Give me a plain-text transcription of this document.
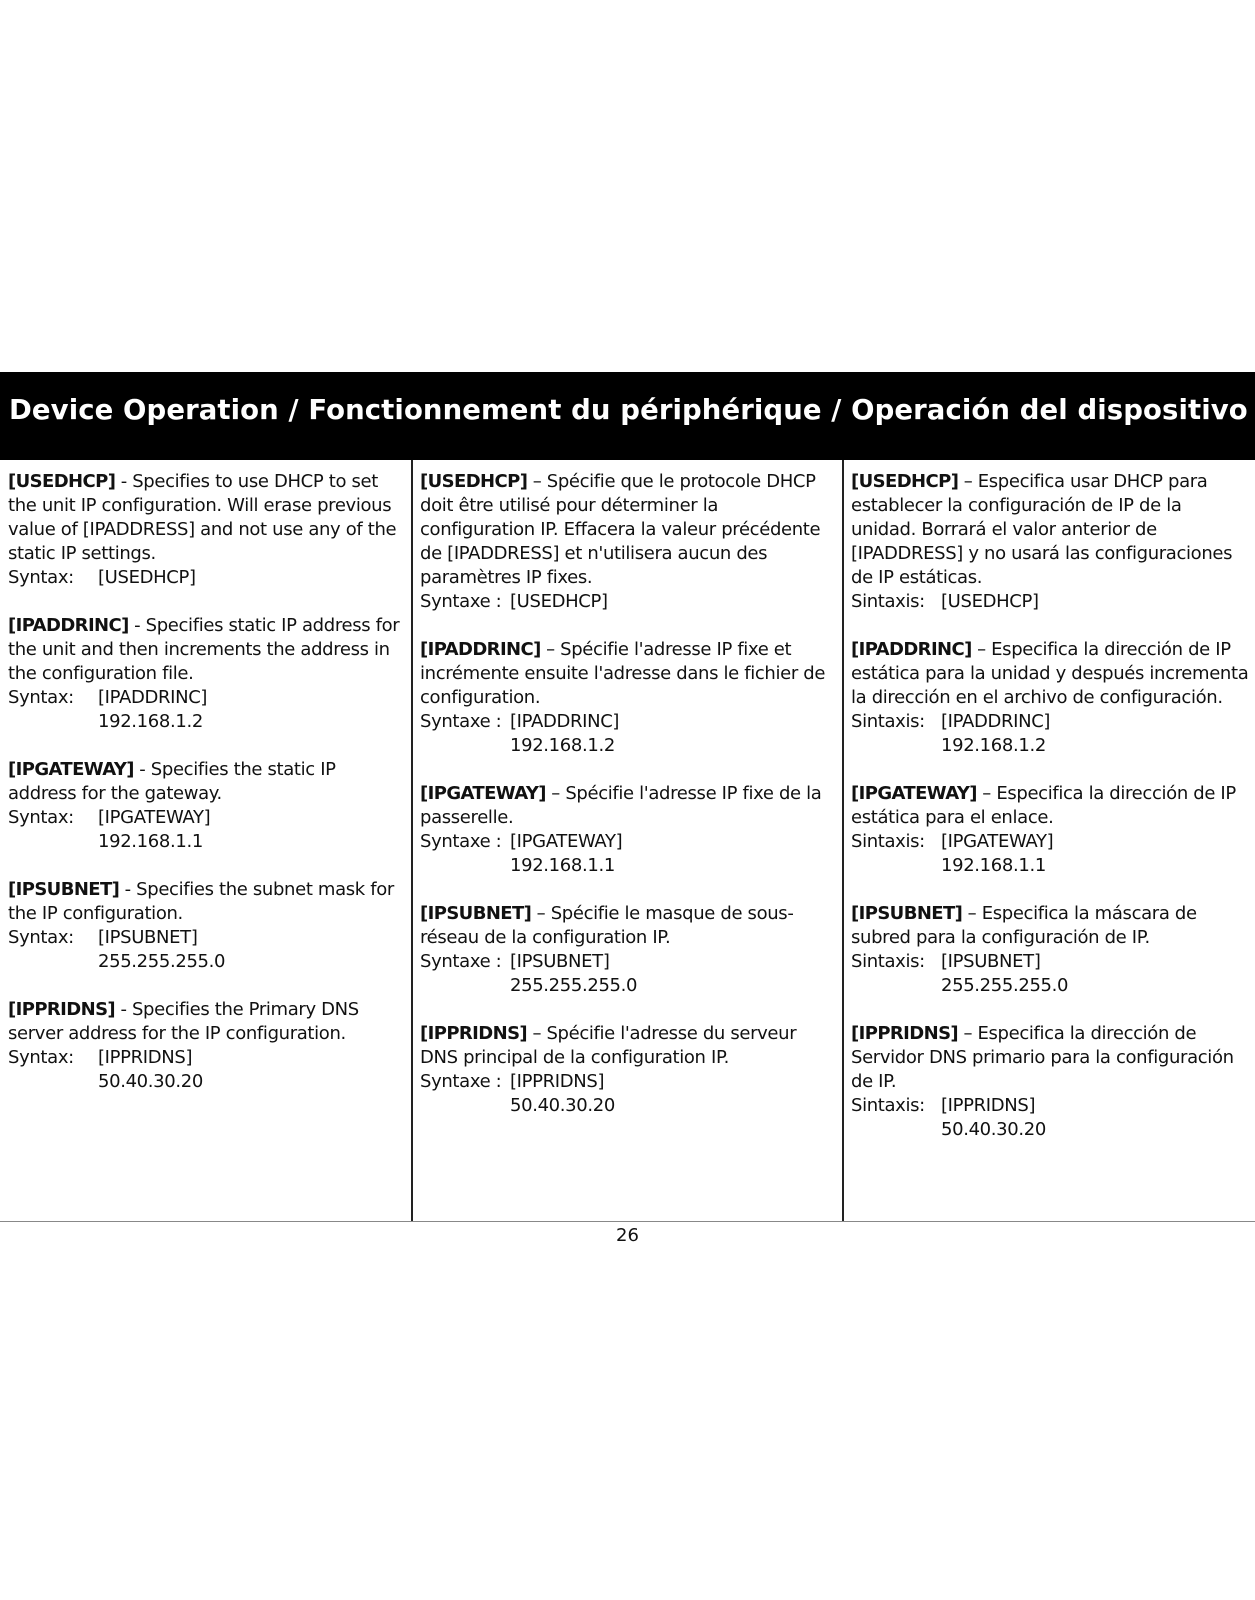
Device Operation / Fonctionnement du périphérique / Operación del dispositivo

[USEDHCP] - Specifies to use DHCP to set the unit IP configuration. Will erase previous value of [IPADDRESS] and not use any of the static IP settings.

Syntax:	[USEDHCP]

[IPADDRINC] - Specifies static IP address for the unit and then increments the address in the configuration file.

Syntax:	[IPADDRINC]
192.168.1.2

[IPGATEWAY] - Specifies the static IP address for the gateway.

Syntax:	[IPGATEWAY]
192.168.1.1

[IPSUBNET] - Specifies the subnet mask for the IP configuration.

Syntax:	[IPSUBNET]
255.255.255.0

[IPPRIDNS] - Specifies the Primary DNS server address for the IP configuration.

Syntax:	[IPPRIDNS]
50.40.30.20

[USEDHCP] – Spécifie que le protocole DHCP doit être utilisé pour déterminer la configuration IP. Effacera la valeur précédente de [IPADDRESS] et n'utilisera aucun des paramètres IP fixes.

Syntaxe : [USEDHCP]

[IPADDRINC] – Spécifie l'adresse IP fixe et incrémente ensuite l'adresse dans le fichier de configuration.

Syntaxe : [IPADDRINC]
192.168.1.2

[IPGATEWAY] – Spécifie l'adresse IP fixe de la passerelle.

Syntaxe : [IPGATEWAY]
192.168.1.1

[IPSUBNET] – Spécifie le masque de sous-réseau de la configuration IP.

Syntaxe : [IPSUBNET]
255.255.255.0

[IPPRIDNS] – Spécifie l'adresse du serveur DNS principal de la configuration IP.

Syntaxe : [IPPRIDNS]
50.40.30.20

[USEDHCP] – Especifica usar DHCP para establecer la configuración de IP de la unidad. Borrará el valor anterior de [IPADDRESS] y no usará las configuraciones de IP estáticas.

Sintaxis: [USEDHCP]

[IPADDRINC] – Especifica la dirección de IP estática para la unidad y después incrementa la dirección en el archivo de configuración.

Sintaxis: [IPADDRINC]
192.168.1.2

[IPGATEWAY] – Especifica la dirección de IP estática para el enlace.

Sintaxis: [IPGATEWAY]
192.168.1.1

[IPSUBNET] – Especifica la máscara de subred para la configuración de IP.

Sintaxis: [IPSUBNET]
255.255.255.0

[IPPRIDNS] – Especifica la dirección de Servidor DNS primario para la configuración de IP.

Sintaxis: [IPPRIDNS]
50.40.30.20
26
